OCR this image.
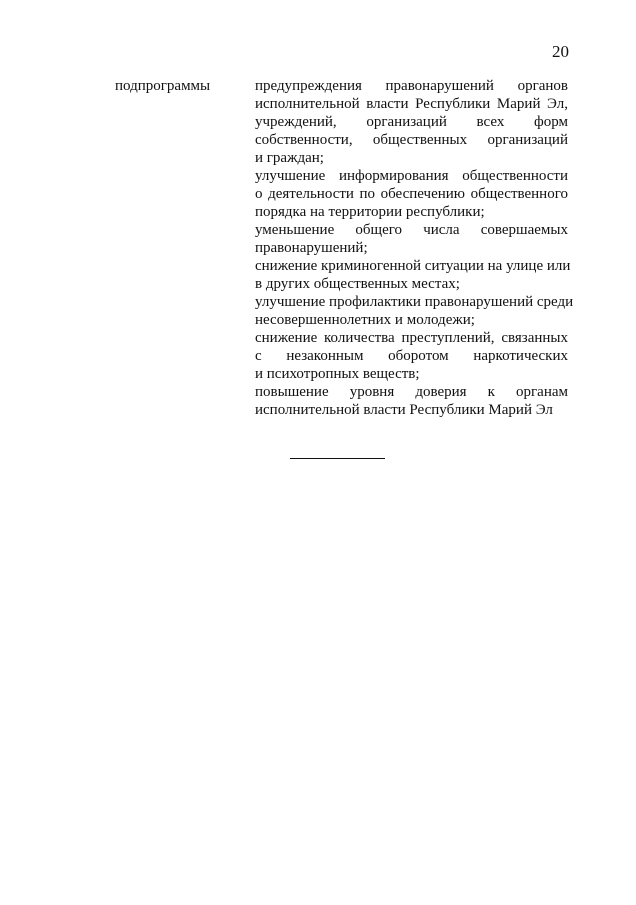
20
подпрограммы	предупреждения правонарушений органов
исполнительной власти Республики Марий Эл,
учреждений, организаций всех форм
собственности, общественных организаций
и граждан;
улучшение информирования общественности
о деятельности по обеспечению общественного
порядка на территории республики;
уменьшение общего числа совершаемых
правонарушений;
снижение криминогенной ситуации на улице или
в других общественных местах;
улучшение профилактики правонарушений среди
несовершеннолетних и молодежи;
снижение количества преступлений, связанных
с незаконным оборотом наркотических
и психотропных веществ;
повышение уровня доверия к органам
исполнительной власти Республики Марий Эл
